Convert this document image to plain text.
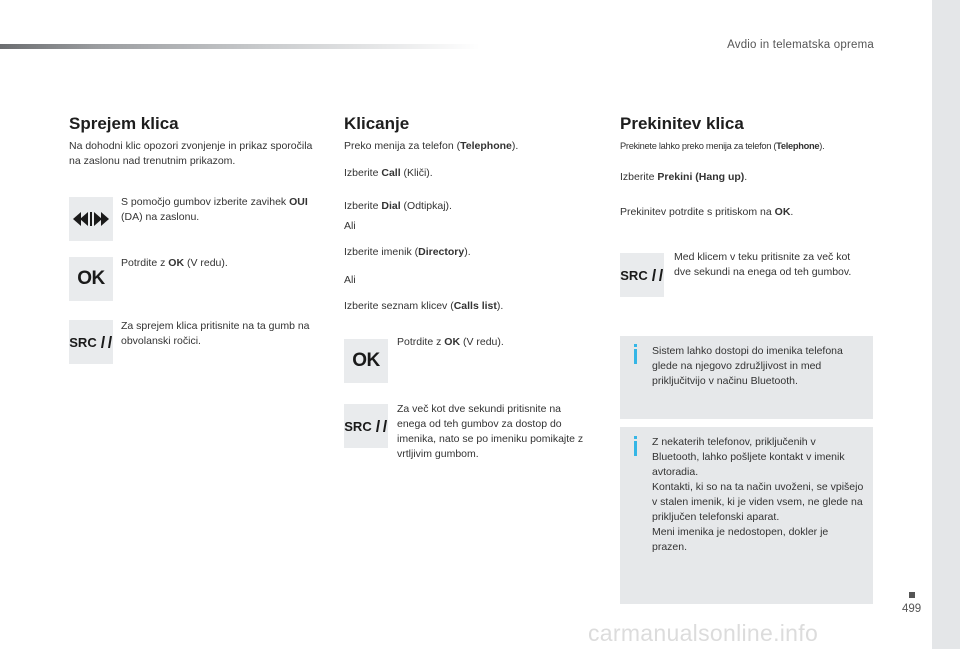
Avdio in telematska oprema
499
Sprejem klica
Na dohodni klic opozori zvonjenje in prikaz sporočila na zaslonu nad trenutnim prikazom.
S pomočjo gumbov izberite zavihek OUI (DA) na zaslonu.
OK
Potrdite z OK (V redu).
SRC
Za sprejem klica pritisnite na ta gumb na obvolanski ročici.
Klicanje
Preko menija za telefon (Telephone).
Izberite Call (Kliči).
Izberite Dial (Odtipkaj).
Ali
Izberite imenik (Directory).
Ali
Izberite seznam klicev (Calls list).
OK
Potrdite z OK (V redu).
SRC
Za več kot dve sekundi pritisnite na enega od teh gumbov za dostop do imenika, nato se po imeniku pomikajte z vrtljivim gumbom.
Prekinitev klica
Prekinete lahko preko menija za telefon (Telephone).
Izberite Prekini (Hang up).
Prekinitev potrdite s pritiskom na OK.
SRC
Med klicem v teku pritisnite za več kot dve sekundi na enega od teh gumbov.
Sistem lahko dostopi do imenika telefona glede na njegovo združljivost in med priključitvijo v načinu Bluetooth.
Z nekaterih telefonov, priključenih v Bluetooth, lahko pošljete kontakt v imenik avtoradia.
Kontakti, ki so na ta način uvoženi, se vpišejo v stalen imenik, ki je viden vsem, ne glede na priključen telefonski aparat.
Meni imenika je nedostopen, dokler je prazen.
carmanualsonline.info
